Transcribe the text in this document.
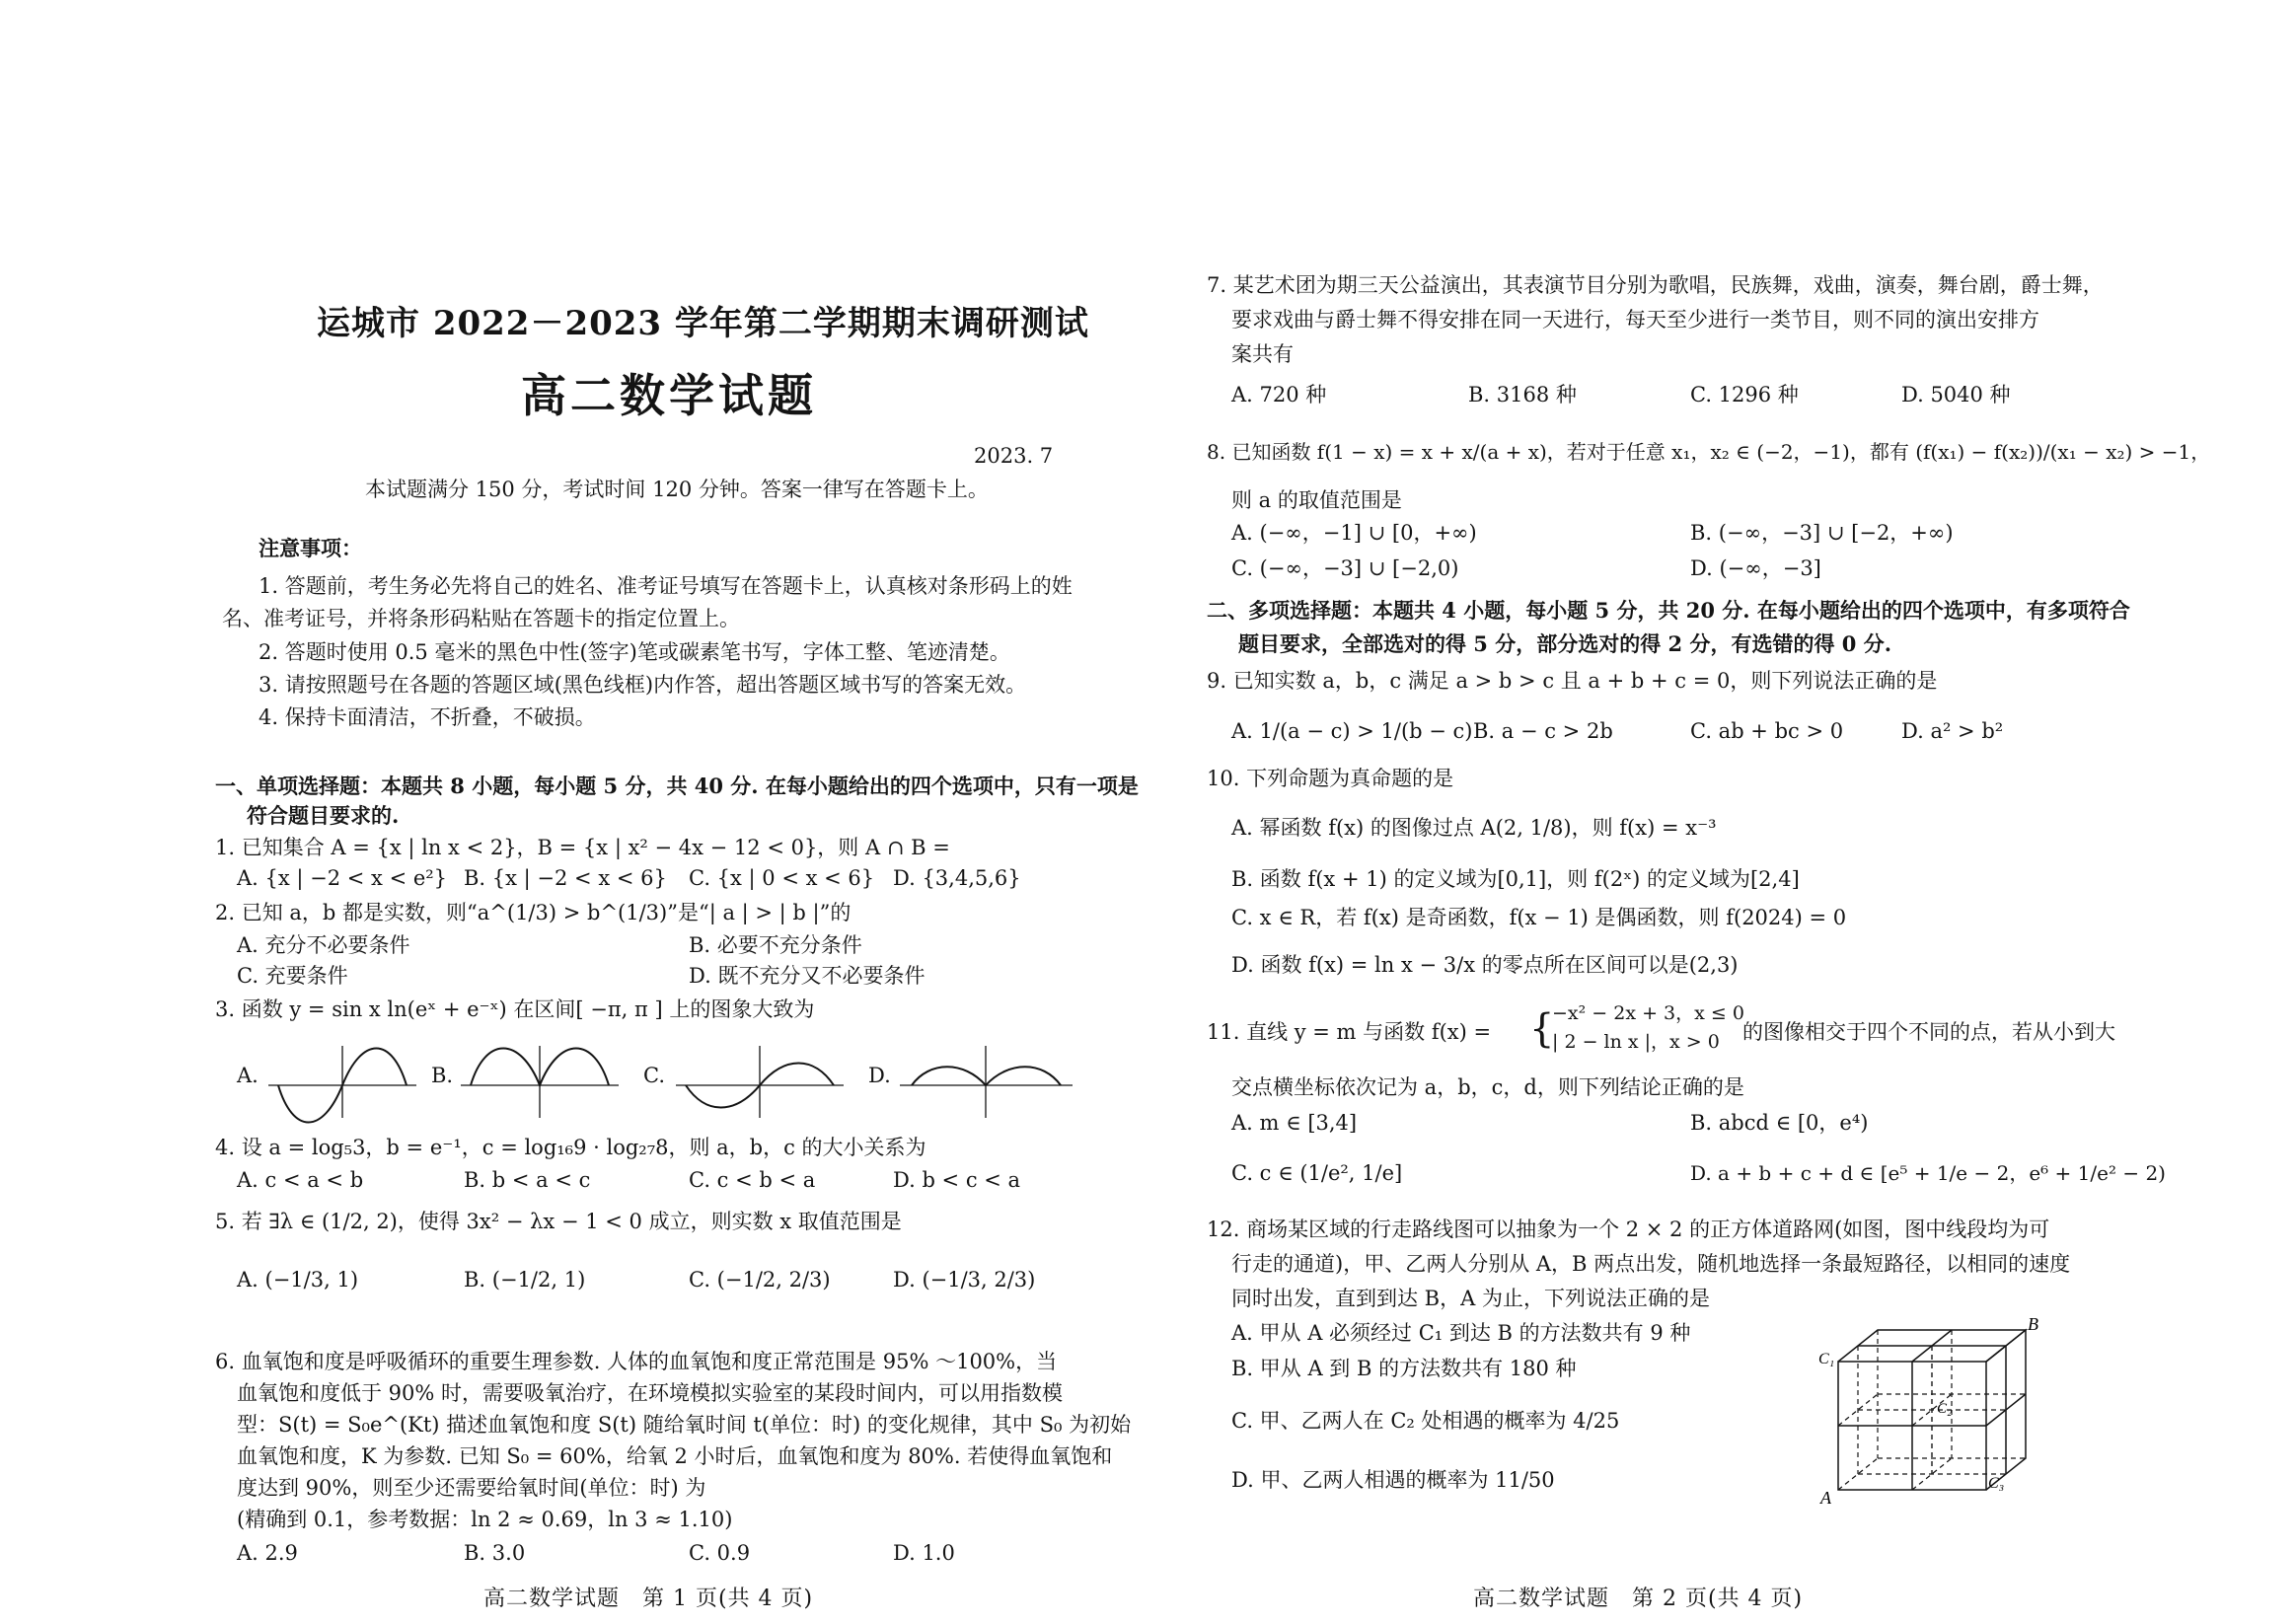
运城市 2022－2023 学年第二学期期末调研测试
高二数学试题
2023. 7
本试题满分 150 分，考试时间 120 分钟。答案一律写在答题卡上。
注意事项：
1. 答题前，考生务必先将自己的姓名、准考证号填写在答题卡上，认真核对条形码上的姓
名、准考证号，并将条形码粘贴在答题卡的指定位置上。
2. 答题时使用 0.5 毫米的黑色中性(签字)笔或碳素笔书写，字体工整、笔迹清楚。
3. 请按照题号在各题的答题区域(黑色线框)内作答，超出答题区域书写的答案无效。
4. 保持卡面清洁，不折叠，不破损。
一、单项选择题：本题共 8 小题，每小题 5 分，共 40 分. 在每小题给出的四个选项中，只有一项是
符合题目要求的.
1. 已知集合 A = {x | ln x < 2}，B = {x | x² − 4x − 12 < 0}，则 A ∩ B =
A. {x | −2 < x < e²} B. {x | −2 < x < 6} C. {x | 0 < x < 6} D. {3,4,5,6}
2. 已知 a，b 都是实数，则“a^(1/3) > b^(1/3)”是“| a | > | b |”的
A. 充分不必要条件	B. 必要不充分条件
C. 充要条件	D. 既不充分又不必要条件
3. 函数 y = sin x ln(eˣ + e⁻ˣ) 在区间[ −π, π ] 上的图象大致为
A.	B.	C.	D.
4. 设 a = log₅3，b = e⁻¹，c = log₁₆9 · log₂₇8，则 a，b，c 的大小关系为
A. c < a < b	B. b < a < c	C. c < b < a	D. b < c < a
5. 若 ∃λ ∈ (1/2, 2)，使得 3x² − λx − 1 < 0 成立，则实数 x 取值范围是
A. (−1/3, 1)	B. (−1/2, 1)	C. (−1/2, 2/3)	D. (−1/3, 2/3)
6. 血氧饱和度是呼吸循环的重要生理参数. 人体的血氧饱和度正常范围是 95% ～100%，当
血氧饱和度低于 90% 时，需要吸氧治疗，在环境模拟实验室的某段时间内，可以用指数模
型：S(t) = S₀e^(Kt) 描述血氧饱和度 S(t) 随给氧时间 t(单位：时) 的变化规律，其中 S₀ 为初始
血氧饱和度，K 为参数. 已知 S₀ = 60%，给氧 2 小时后，血氧饱和度为 80%. 若使得血氧饱和
度达到 90%，则至少还需要给氧时间(单位：时) 为
(精确到 0.1，参考数据：ln 2 ≈ 0.69，ln 3 ≈ 1.10)
A. 2.9	B. 3.0	C. 0.9	D. 1.0
高二数学试题　第 1 页(共 4 页)
7. 某艺术团为期三天公益演出，其表演节目分别为歌唱，民族舞，戏曲，演奏，舞台剧，爵士舞，
要求戏曲与爵士舞不得安排在同一天进行，每天至少进行一类节目，则不同的演出安排方
案共有
A. 720 种	B. 3168 种	C. 1296 种	D. 5040 种
8. 已知函数 f(1 − x) = x + x/(a + x)，若对于任意 x₁，x₂ ∈ (−2，−1)，都有 (f(x₁) − f(x₂))/(x₁ − x₂) > −1，
则 a 的取值范围是
A. (−∞，−1] ∪ [0，+∞)	B. (−∞，−3] ∪ [−2，+∞)
C. (−∞，−3] ∪ [−2,0)	D. (−∞，−3]
二、多项选择题：本题共 4 小题，每小题 5 分，共 20 分. 在每小题给出的四个选项中，有多项符合
题目要求，全部选对的得 5 分，部分选对的得 2 分，有选错的得 0 分.
9. 已知实数 a，b，c 满足 a > b > c 且 a + b + c = 0，则下列说法正确的是
A. 1/(a − c) > 1/(b − c) B. a − c > 2b	C. ab + bc > 0	D. a² > b²
10. 下列命题为真命题的是
A. 幂函数 f(x) 的图像过点 A(2, 1/8)，则 f(x) = x⁻³
B. 函数 f(x + 1) 的定义域为[0,1]，则 f(2ˣ) 的定义域为[2,4]
C. x ∈ R，若 f(x) 是奇函数，f(x − 1) 是偶函数，则 f(2024) = 0
D. 函数 f(x) = ln x − 3/x 的零点所在区间可以是(2,3)
11. 直线 y = m 与函数 f(x) = {
−x² − 2x + 3，x ≤ 0
| 2 − ln x |，x > 0 的图像相交于四个不同的点，若从小到大
交点横坐标依次记为 a，b，c，d，则下列结论正确的是
A. m ∈ [3,4]	B. abcd ∈ [0，e⁴)
C. c ∈ (1/e², 1/e]	D. a + b + c + d ∈ [e⁵ + 1/e − 2，e⁶ + 1/e² − 2)
12. 商场某区域的行走路线图可以抽象为一个 2 × 2 的正方体道路网(如图，图中线段均为可
行走的通道)，甲、乙两人分别从 A，B 两点出发，随机地选择一条最短路径，以相同的速度
同时出发，直到到达 B，A 为止，下列说法正确的是
A. 甲从 A 必须经过 C₁ 到达 B 的方法数共有 9 种
B. 甲从 A 到 B 的方法数共有 180 种
C. 甲、乙两人在 C₂ 处相遇的概率为 4/25
D. 甲、乙两人相遇的概率为 11/50
B
C₁
C₂
C₃
A
高二数学试题　第 2 页(共 4 页)
